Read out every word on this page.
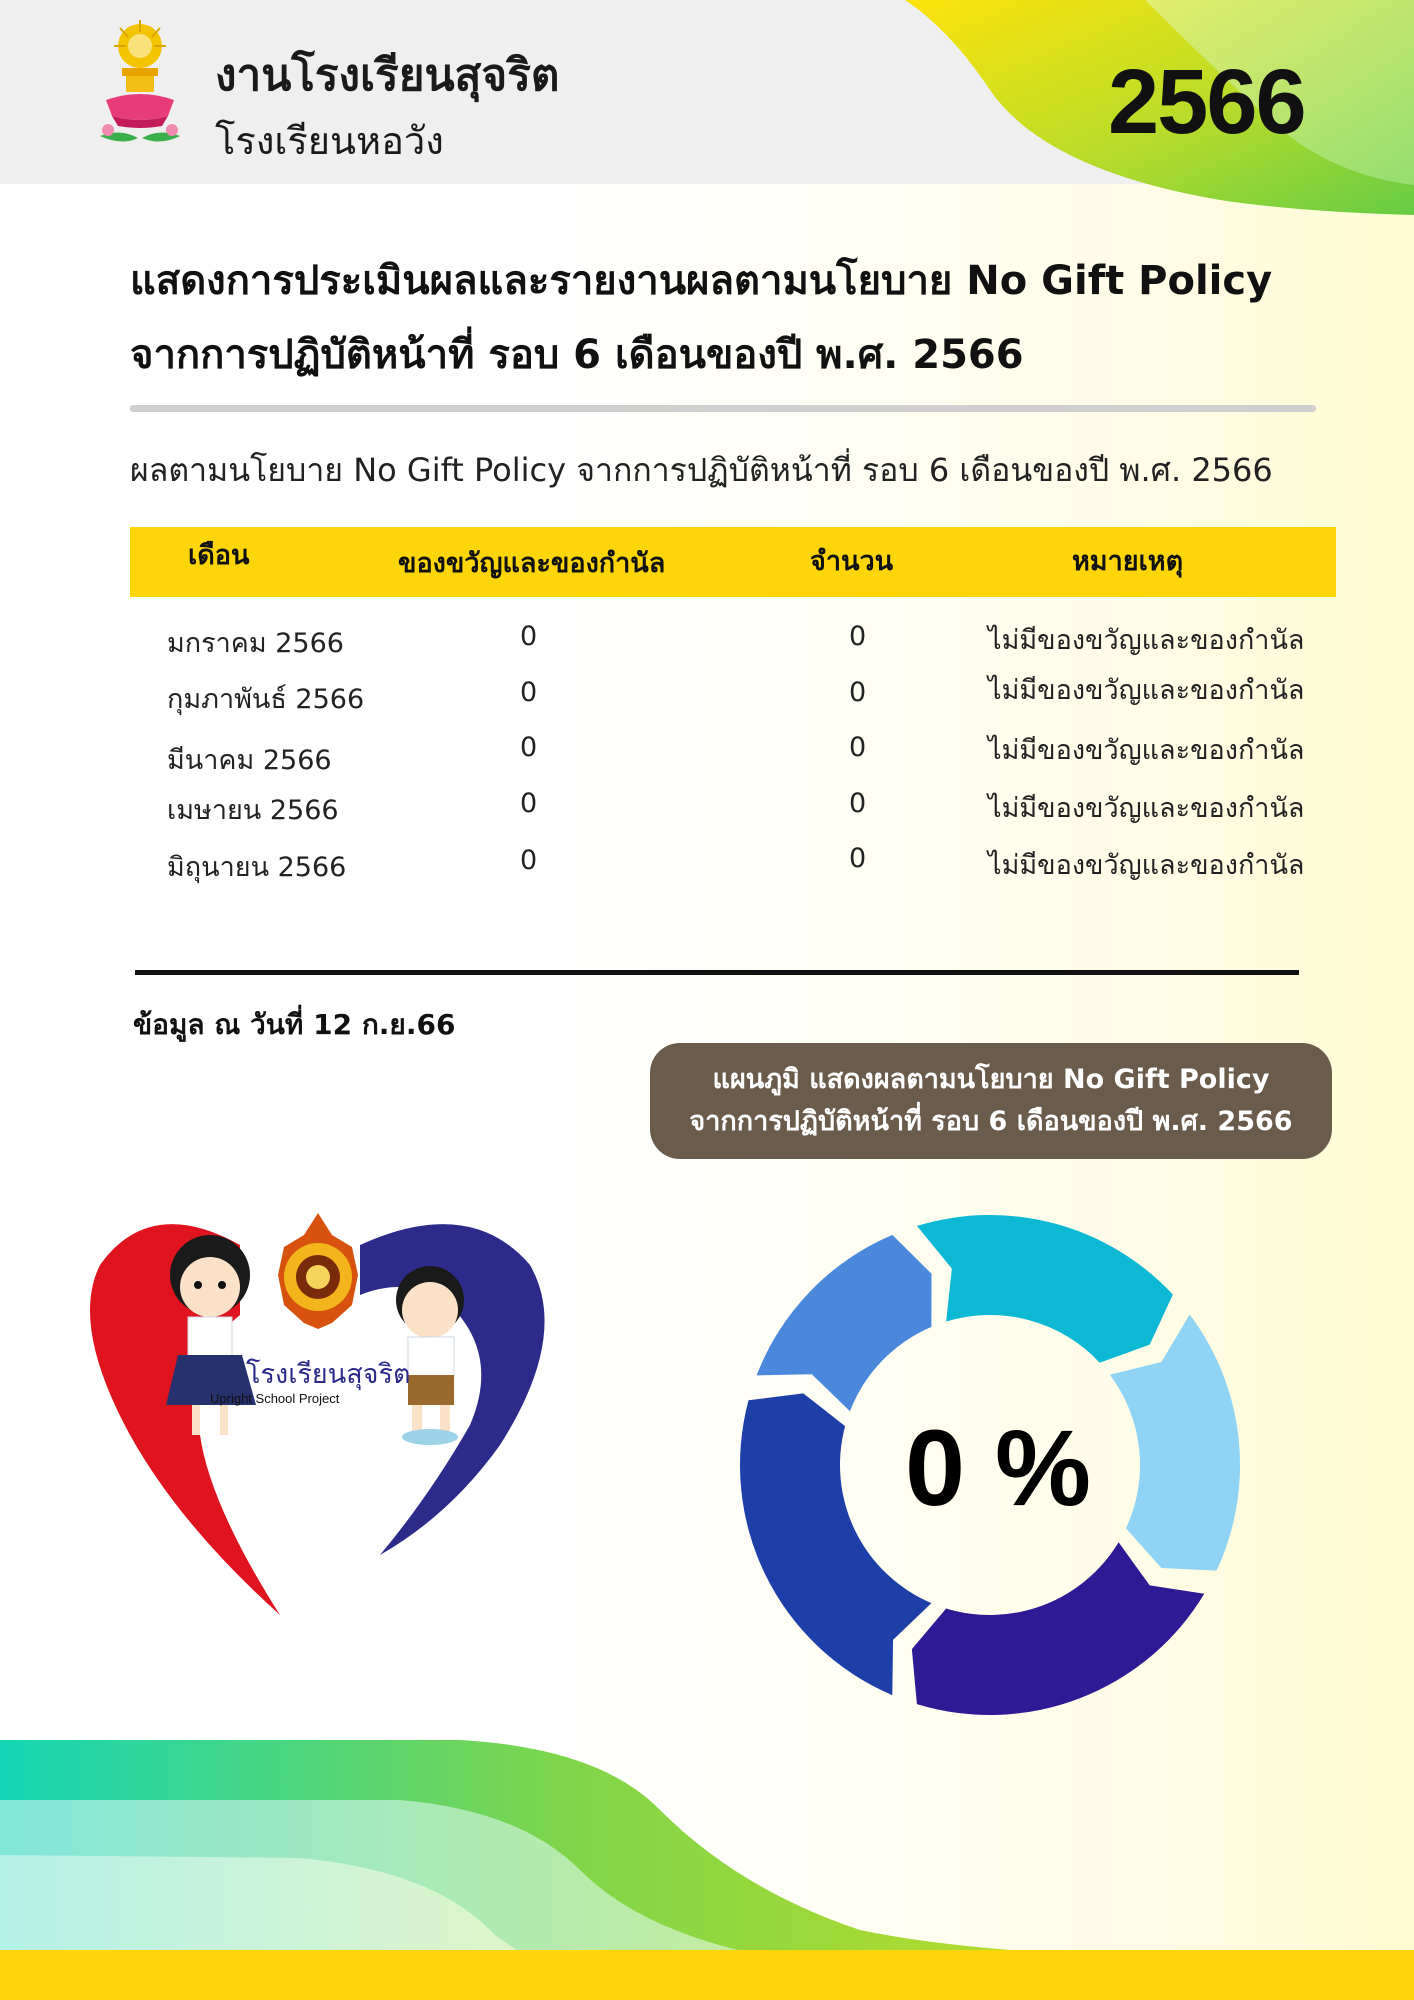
งานโรงเรียนสุจริต
โรงเรียนหอวัง	2566
แสดงการประเมินผลและรายงานผลตามนโยบาย No Gift Policy
จากการปฏิบัติหน้าที่ รอบ 6 เดือนของปี พ.ศ. 2566
ผลตามนโยบาย No Gift Policy จากการปฏิบัติหน้าที่ รอบ 6 เดือนของปี พ.ศ. 2566
เดือน	ของขวัญและของกำนัล	จำนวน	หมายเหตุ
มกราคม 2566	0	0	ไม่มีของขวัญและของกำนัล
กุมภาพันธ์ 2566	0	0	ไม่มีของขวัญและของกำนัล
มีนาคม 2566	0	0	ไม่มีของขวัญและของกำนัล
เมษายน 2566	0	0	ไม่มีของขวัญและของกำนัล
มิถุนายน 2566	0	0	ไม่มีของขวัญและของกำนัล
ข้อมูล ณ วันที่ 12 ก.ย.66
แผนภูมิ แสดงผลตามนโยบาย No Gift Policy
จากการปฏิบัติหน้าที่ รอบ 6 เดือนของปี พ.ศ. 2566
โรงเรียนสุจริต
Upright School Project
0 %
